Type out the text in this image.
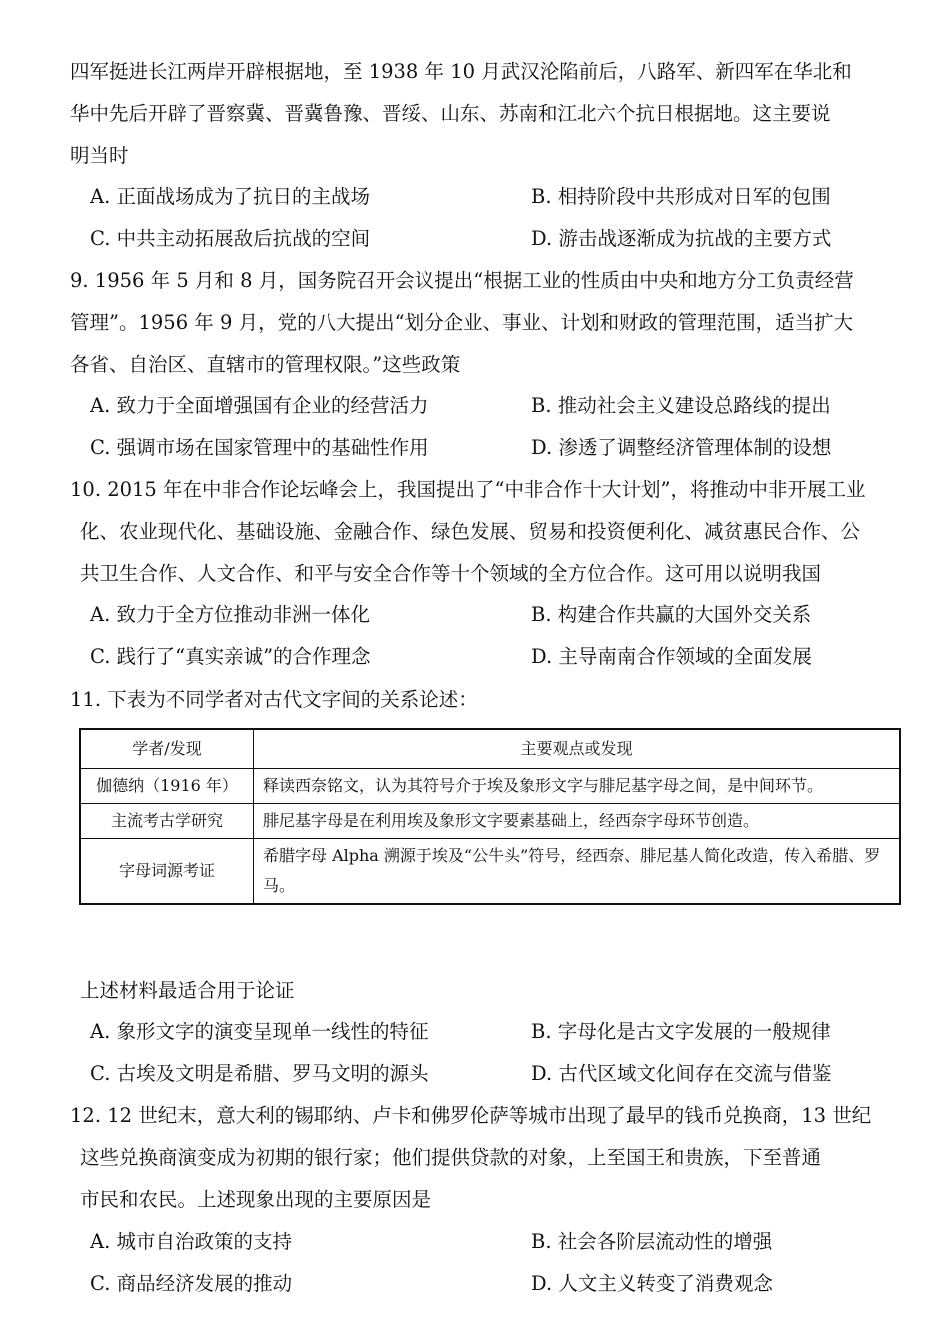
四军挺进长江两岸开辟根据地，至 1938 年 10 月武汉沦陷前后，八路军、新四军在华北和
华中先后开辟了晋察冀、晋冀鲁豫、晋绥、山东、苏南和江北六个抗日根据地。这主要说
明当时
A. 正面战场成为了抗日的主战场	B. 相持阶段中共形成对日军的包围
C. 中共主动拓展敌后抗战的空间	D. 游击战逐渐成为抗战的主要方式
9. 1956 年 5 月和 8 月，国务院召开会议提出“根据工业的性质由中央和地方分工负责经营
管理”。1956 年 9 月，党的八大提出“划分企业、事业、计划和财政的管理范围，适当扩大
各省、自治区、直辖市的管理权限。”这些政策
A. 致力于全面增强国有企业的经营活力	B. 推动社会主义建设总路线的提出
C. 强调市场在国家管理中的基础性作用	D. 渗透了调整经济管理体制的设想
10. 2015 年在中非合作论坛峰会上，我国提出了“中非合作十大计划”，将推动中非开展工业
化、农业现代化、基础设施、金融合作、绿色发展、贸易和投资便利化、减贫惠民合作、公
共卫生合作、人文合作、和平与安全合作等十个领域的全方位合作。这可用以说明我国
A. 致力于全方位推动非洲一体化	B. 构建合作共赢的大国外交关系
C. 践行了“真实亲诚”的合作理念	D. 主导南南合作领域的全面发展
11. 下表为不同学者对古代文字间的关系论述：
学者/发现	主要观点或发现
伽德纳（1916 年）	释读西奈铭文，认为其符号介于埃及象形文字与腓尼基字母之间，是中间环节。
主流考古学研究	腓尼基字母是在利用埃及象形文字要素基础上，经西奈字母环节创造。
字母词源考证	希腊字母 Alpha 溯源于埃及“公牛头”符号，经西奈、腓尼基人简化改造，传入希腊、罗马。
上述材料最适合用于论证
A. 象形文字的演变呈现单一线性的特征	B. 字母化是古文字发展的一般规律
C. 古埃及文明是希腊、罗马文明的源头	D. 古代区域文化间存在交流与借鉴
12. 12 世纪末，意大利的锡耶纳、卢卡和佛罗伦萨等城市出现了最早的钱币兑换商，13 世纪
这些兑换商演变成为初期的银行家；他们提供贷款的对象，上至国王和贵族，下至普通
市民和农民。上述现象出现的主要原因是
A. 城市自治政策的支持	B. 社会各阶层流动性的增强
C. 商品经济发展的推动	D. 人文主义转变了消费观念
